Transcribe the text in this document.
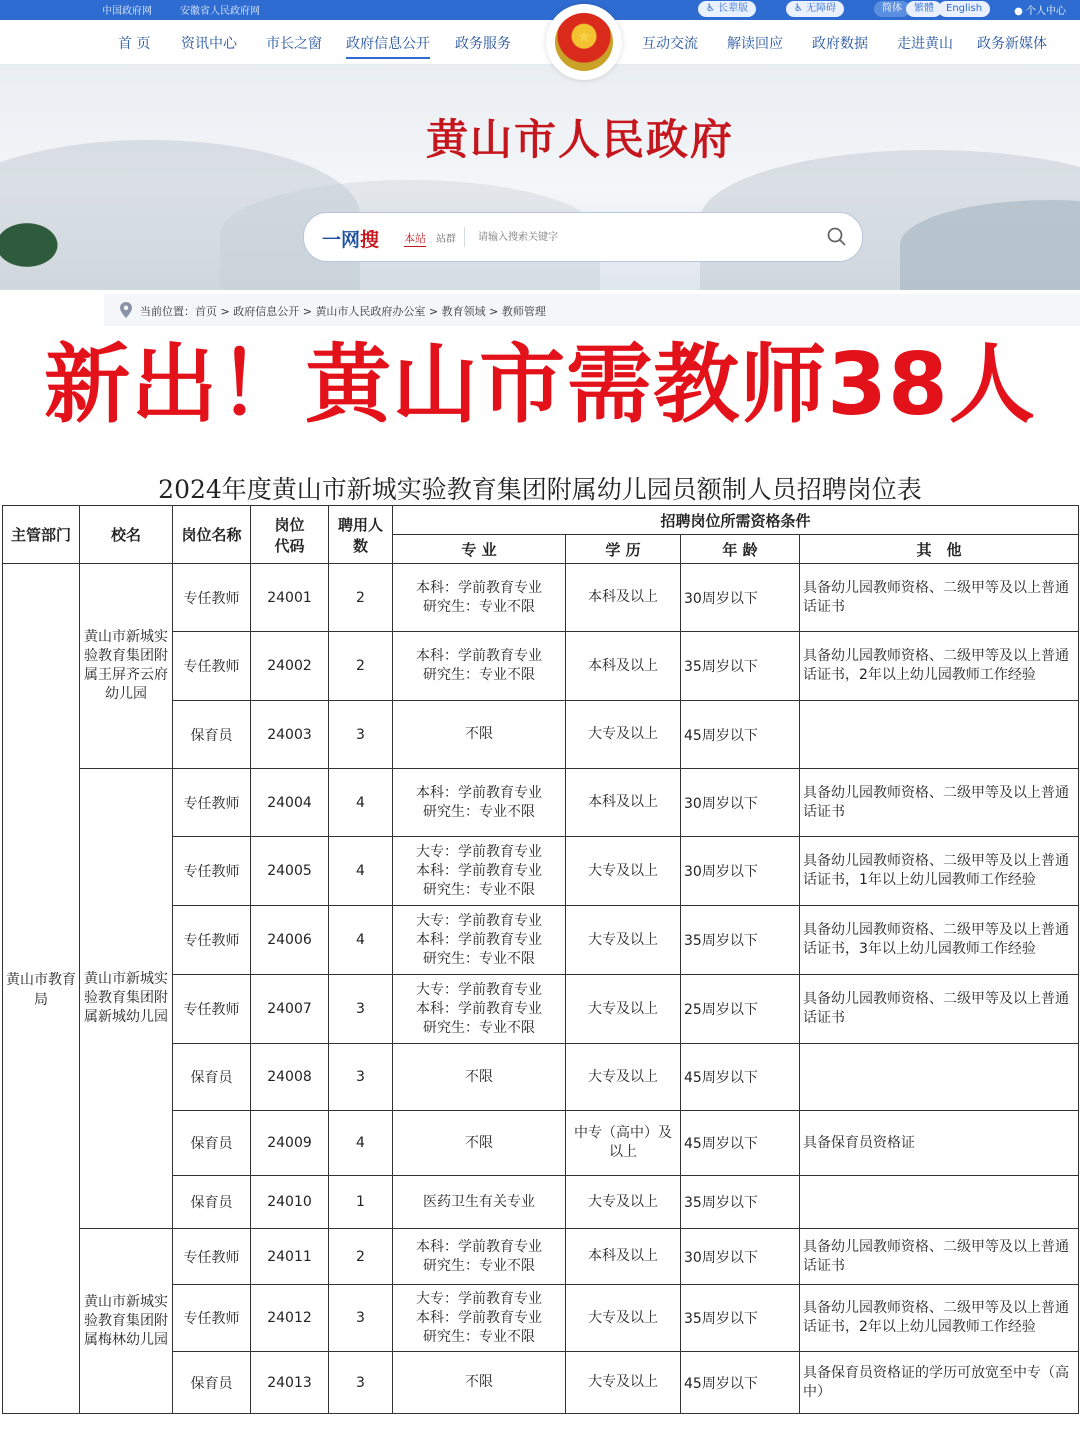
中国政府网	安徽省人民政府网	♿ 长辈版	♿ 无障碍	简体	繁體	English	● 个人中心
首 页 资讯中心 市长之窗 政府信息公开 政务服务	互动交流 解读回应 政府数据 走进黄山 政务新媒体
★
黄山市人民政府
一网搜 本站 站群
请输入搜索关键字
当前位置：首页 > 政府信息公开 > 黄山市人民政府办公室 > 教育领域 > 教师管理
新出！黄山市需教师38人
2024年度黄山市新城实验教育集团附属幼儿园员额制人员招聘岗位表
主管部门	校名	岗位名称	岗位
代码	聘用人
数	招聘岗位所需资格条件			
					专 业	学 历	年 龄	其　他
黄山市教育局	黄山市新城实验教育集团附属王屏齐云府幼儿园	专任教师	24001	2	本科：学前教育专业
研究生：专业不限	本科及以上	30周岁以下	具备幼儿园教师资格、二级甲等及以上普通话证书
		专任教师	24002	2	本科：学前教育专业
研究生：专业不限	本科及以上	35周岁以下	具备幼儿园教师资格、二级甲等及以上普通话证书，2年以上幼儿园教师工作经验
		保育员	24003	3	不限	大专及以上	45周岁以下	
	黄山市新城实验教育集团附属新城幼儿园	专任教师	24004	4	本科：学前教育专业
研究生：专业不限	本科及以上	30周岁以下	具备幼儿园教师资格、二级甲等及以上普通话证书
		专任教师	24005	4	大专：学前教育专业
本科：学前教育专业
研究生：专业不限	大专及以上	30周岁以下	具备幼儿园教师资格、二级甲等及以上普通话证书，1年以上幼儿园教师工作经验
		专任教师	24006	4	大专：学前教育专业
本科：学前教育专业
研究生：专业不限	大专及以上	35周岁以下	具备幼儿园教师资格、二级甲等及以上普通话证书，3年以上幼儿园教师工作经验
		专任教师	24007	3	大专：学前教育专业
本科：学前教育专业
研究生：专业不限	大专及以上	25周岁以下	具备幼儿园教师资格、二级甲等及以上普通话证书
		保育员	24008	3	不限	大专及以上	45周岁以下	
		保育员	24009	4	不限	中专（高中）及以上	45周岁以下	具备保育员资格证
		保育员	24010	1	医药卫生有关专业	大专及以上	35周岁以下	
	黄山市新城实验教育集团附属梅林幼儿园	专任教师	24011	2	本科：学前教育专业
研究生：专业不限	本科及以上	30周岁以下	具备幼儿园教师资格、二级甲等及以上普通话证书
		专任教师	24012	3	大专：学前教育专业
本科：学前教育专业
研究生：专业不限	大专及以上	35周岁以下	具备幼儿园教师资格、二级甲等及以上普通话证书，2年以上幼儿园教师工作经验
		保育员	24013	3	不限	大专及以上	45周岁以下	具备保育员资格证的学历可放宽至中专（高中）
